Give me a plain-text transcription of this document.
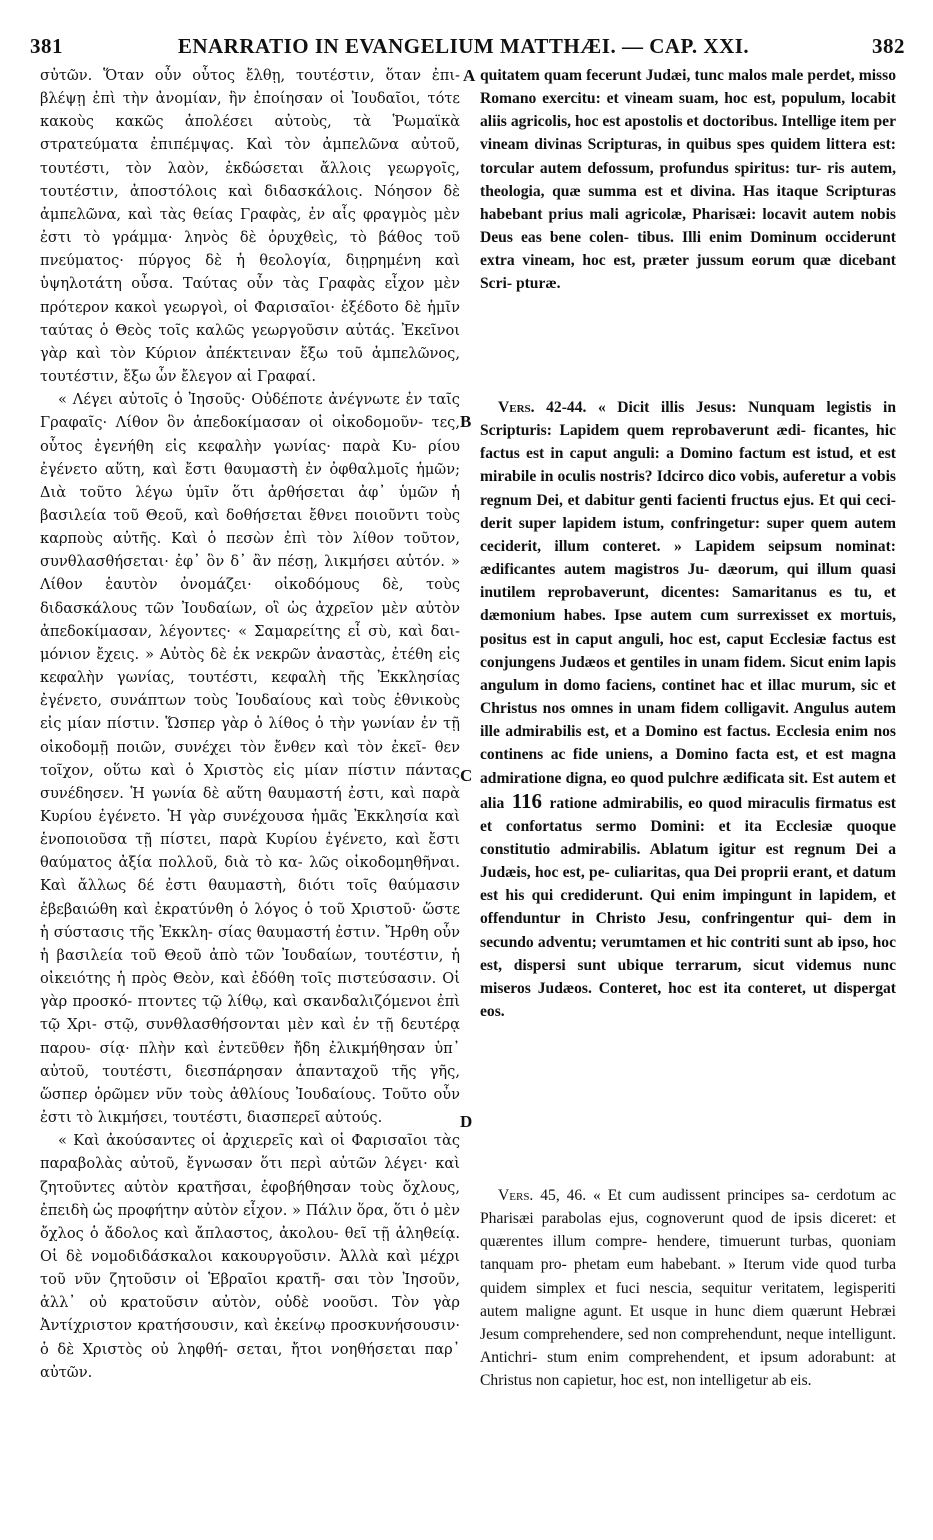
381	ENARRATIO IN EVANGELIUM MATTHÆI. — CAP. XXI.	382
A
B
C
D

σὐτῶν. Ὅταν οὖν οὗτος ἔλθῃ, τουτέστιν, ὅταν ἐπι- βλέψῃ ἐπὶ τὴν ἀνομίαν, ἣν ἐποίησαν οἱ Ἰουδαῖοι, τότε κακοὺς κακῶς ἀπολέσει αὐτοὺς, τὰ Ῥωμαϊκὰ στρατεύματα ἐπιπέμψας. Καὶ τὸν ἀμπελῶνα αὐτοῦ, τουτέστι, τὸν λαὸν, ἐκδώσεται ἄλλοις γεωργοῖς, τουτέστιν, ἀποστόλοις καὶ διδασκάλοις. Νόησον δὲ ἀμπελῶνα, καὶ τὰς θείας Γραφὰς, ἐν αἷς φραγμὸς μὲν ἐστι τὸ γράμμα· ληνὸς δὲ ὀρυχθεὶς, τὸ βάθος τοῦ πνεύματος· πύργος δὲ ἡ θεολογία, διῃρημένη καὶ ὑψηλοτάτη οὖσα. Ταύτας οὖν τὰς Γραφὰς εἶχον μὲν πρότερον κακοὶ γεωργοὶ, οἱ Φαρισαῖοι· ἐξέδοτο δὲ ἡμῖν ταύτας ὁ Θεὸς τοῖς καλῶς γεωργοῦσιν αὐτάς. Ἐκεῖνοι γὰρ καὶ τὸν Κύριον ἀπέκτειναν ἔξω τοῦ ἀμπελῶνος, τουτέστιν, ἔξω ὧν ἔλεγον αἱ Γραφαί.

« Λέγει αὐτοῖς ὁ Ἰησοῦς· Οὐδέποτε ἀνέγνωτε ἐν ταῖς Γραφαῖς· Λίθον ὃν ἀπεδοκίμασαν οἱ οἰκοδομοῦν- τες, οὗτος ἐγενήθη εἰς κεφαλὴν γωνίας· παρὰ Κυ- ρίου ἐγένετο αὕτη, καὶ ἔστι θαυμαστὴ ἐν ὀφθαλμοῖς ἡμῶν; Διὰ τοῦτο λέγω ὑμῖν ὅτι ἀρθήσεται ἀφ᾽ ὑμῶν ἡ βασιλεία τοῦ Θεοῦ, καὶ δοθήσεται ἔθνει ποιοῦντι τοὺς καρποὺς αὐτῆς. Καὶ ὁ πεσὼν ἐπὶ τὸν λίθον τοῦτον, συνθλασθήσεται· ἐφ᾽ ὃν δ᾽ ἂν πέσῃ, λικμήσει αὐτόν. » Λίθον ἑαυτὸν ὀνομάζει· οἰκοδόμους δὲ, τοὺς διδασκάλους τῶν Ἰουδαίων, οἳ ὡς ἀχρεῖον μὲν αὐτὸν ἀπεδοκίμασαν, λέγοντες· « Σαμαρείτης εἶ σὺ, καὶ δαι- μόνιον ἔχεις. » Αὐτὸς δὲ ἐκ νεκρῶν ἀναστὰς, ἐτέθη εἰς κεφαλὴν γωνίας, τουτέστι, κεφαλὴ τῆς Ἐκκλησίας ἐγένετο, συνάπτων τοὺς Ἰουδαίους καὶ τοὺς ἐθνικοὺς εἰς μίαν πίστιν. Ὥσπερ γὰρ ὁ λίθος ὁ τὴν γωνίαν ἐν τῇ οἰκοδομῇ ποιῶν, συνέχει τὸν ἔνθεν καὶ τὸν ἐκεῖ- θεν τοῖχον, οὕτω καὶ ὁ Χριστὸς εἰς μίαν πίστιν πάντας συνέδησεν. Ἡ γωνία δὲ αὕτη θαυμαστή ἐστι, καὶ παρὰ Κυρίου ἐγένετο. Ἡ γὰρ συνέχουσα ἡμᾶς Ἐκκλησία καὶ ἑνοποιοῦσα τῇ πίστει, παρὰ Κυρίου ἐγένετο, καὶ ἔστι θαύματος ἀξία πολλοῦ, διὰ τὸ κα- λῶς οἰκοδομηθῆναι. Καὶ ἄλλως δέ ἐστι θαυμαστὴ, διότι τοῖς θαύμασιν ἐβεβαιώθη καὶ ἐκρατύνθη ὁ λόγος ὁ τοῦ Χριστοῦ· ὥστε ἡ σύστασις τῆς Ἐκκλη- σίας θαυμαστή ἐστιν. Ἤρθη οὖν ἡ βασιλεία τοῦ Θεοῦ ἀπὸ τῶν Ἰουδαίων, τουτέστιν, ἡ οἰκειότης ἡ πρὸς Θεὸν, καὶ ἐδόθη τοῖς πιστεύσασιν. Οἱ γὰρ προσκό- πτοντες τῷ λίθῳ, καὶ σκανδαλιζόμενοι ἐπὶ τῷ Χρι- στῷ, συνθλασθήσονται μὲν καὶ ἐν τῇ δευτέρᾳ παρου- σίᾳ· πλὴν καὶ ἐντεῦθεν ἤδη ἐλικμήθησαν ὑπ᾽ αὐτοῦ, τουτέστι, διεσπάρησαν ἁπανταχοῦ τῆς γῆς, ὥσπερ ὁρῶμεν νῦν τοὺς ἀθλίους Ἰουδαίους. Τοῦτο οὖν ἐστι τὸ λικμήσει, τουτέστι, διασπερεῖ αὐτούς.

« Καὶ ἀκούσαντες οἱ ἀρχιερεῖς καὶ οἱ Φαρισαῖοι τὰς παραβολὰς αὐτοῦ, ἔγνωσαν ὅτι περὶ αὐτῶν λέγει· καὶ ζητοῦντες αὐτὸν κρατῆσαι, ἐφοβήθησαν τοὺς ὄχλους, ἐπειδὴ ὡς προφήτην αὐτὸν εἶχον. » Πάλιν ὅρα, ὅτι ὁ μὲν ὄχλος ὁ ἄδολος καὶ ἄπλαστος, ἀκολου- θεῖ τῇ ἀληθείᾳ. Οἱ δὲ νομοδιδάσκαλοι κακουργοῦσιν. Ἀλλὰ καὶ μέχρι τοῦ νῦν ζητοῦσιν οἱ Ἑβραῖοι κρατῆ- σαι τὸν Ἰησοῦν, ἀλλ᾽ οὐ κρατοῦσιν αὐτὸν, οὐδὲ νοοῦσι. Τὸν γὰρ Ἀντίχριστον κρατήσουσιν, καὶ ἐκείνῳ προσκυνήσουσιν· ὁ δὲ Χριστὸς οὐ ληφθή- σεται, ἤτοι νοηθήσεται παρ᾽ αὐτῶν.

quitatem quam fecerunt Judæi, tunc malos male perdet, misso Romano exercitu: et vineam suam, hoc est, populum, locabit aliis agricolis, hoc est apostolis et doctoribus. Intellige item per vineam divinas Scripturas, in quibus spes quidem littera est: torcular autem defossum, profundus spiritus: tur- ris autem, theologia, quæ summa est et divina. Has itaque Scripturas habebant prius mali agricolæ, Pharisæi: locavit autem nobis Deus eas bene colen- tibus. Illi enim Dominum occiderunt extra vineam, hoc est, præter jussum eorum quæ dicebant Scri- pturæ.

Vers. 42-44. « Dicit illis Jesus: Nunquam legistis in Scripturis: Lapidem quem reprobaverunt ædi- ficantes, hic factus est in caput anguli: a Domino factum est istud, et est mirabile in oculis nostris? Idcirco dico vobis, auferetur a vobis regnum Dei, et dabitur genti facienti fructus ejus. Et qui ceci- derit super lapidem istum, confringetur: super quem autem ceciderit, illum conteret. » Lapidem seipsum nominat: ædificantes autem magistros Ju- dæorum, qui illum quasi inutilem reprobaverunt, dicentes: Samaritanus es tu, et dæmonium habes. Ipse autem cum surrexisset ex mortuis, positus est in caput anguli, hoc est, caput Ecclesiæ factus est conjungens Judæos et gentiles in unam fidem. Sicut enim lapis angulum in domo faciens, continet hac et illac murum, sic et Christus nos omnes in unam fidem colligavit. Angulus autem ille admirabilis est, et a Domino est factus. Ecclesia enim nos continens ac fide uniens, a Domino facta est, et est magna admiratione digna, eo quod pulchre ædificata sit. Est autem et alia 116 ratione admirabilis, eo quod miraculis firmatus est et confortatus sermo Domini: et ita Ecclesiæ quoque constitutio admirabilis. Ablatum igitur est regnum Dei a Judæis, hoc est, pe- culiaritas, qua Dei proprii erant, et datum est his qui crediderunt. Qui enim impingunt in lapidem, et offenduntur in Christo Jesu, confringentur qui- dem in secundo adventu; verumtamen et hic contriti sunt ab ipso, hoc est, dispersi sunt ubique terrarum, sicut videmus nunc miseros Judæos. Conteret, hoc est ita conteret, ut dispergat eos.

Vers. 45, 46. « Et cum audissent principes sa- cerdotum ac Pharisæi parabolas ejus, cognoverunt quod de ipsis diceret: et quærentes illum compre- hendere, timuerunt turbas, quoniam tanquam pro- phetam eum habebant. » Iterum vide quod turba quidem simplex et fuci nescia, sequitur veritatem, legisperiti autem maligne agunt. Et usque in hunc diem quærunt Hebræi Jesum comprehendere, sed non comprehendunt, neque intelligunt. Antichri- stum enim comprehendent, et ipsum adorabunt: at Christus non capietur, hoc est, non intelligetur ab eis.
